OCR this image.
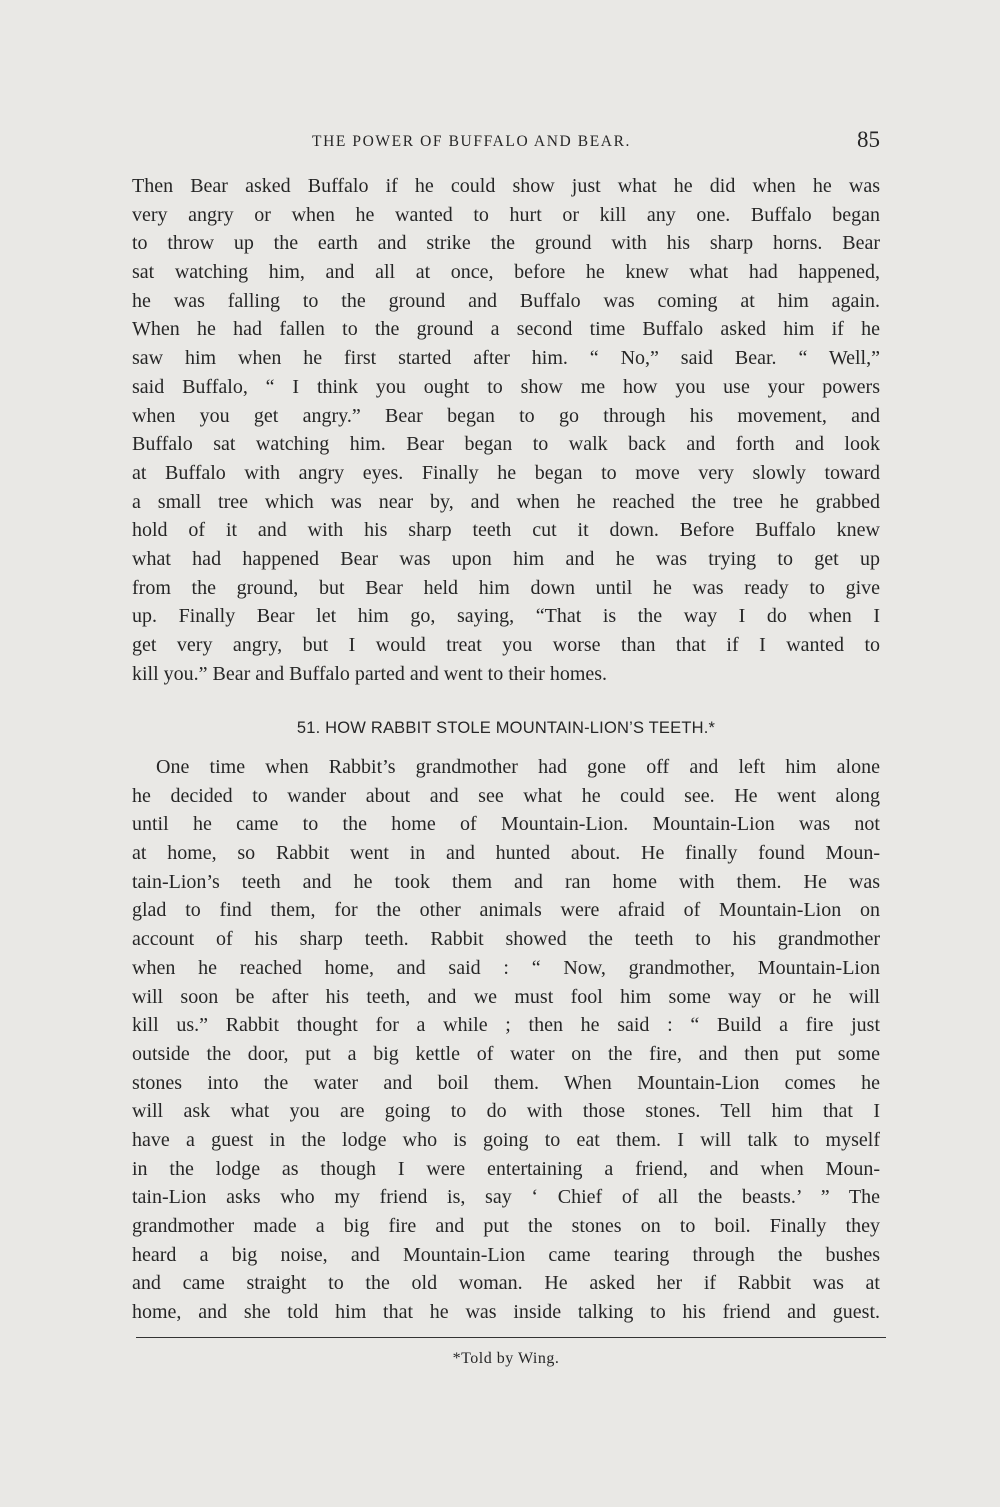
THE POWER OF BUFFALO AND BEAR.	85
Then Bear asked Buffalo if he could show just what he did when he was
very angry or when he wanted to hurt or kill any one. Buffalo began
to throw up the earth and strike the ground with his sharp horns. Bear
sat watching him, and all at once, before he knew what had happened,
he was falling to the ground and Buffalo was coming at him again.
When he had fallen to the ground a second time Buffalo asked him if he
saw him when he first started after him. “ No,” said Bear. “ Well,”
said Buffalo, “ I think you ought to show me how you use your powers
when you get angry.” Bear began to go through his movement, and
Buffalo sat watching him. Bear began to walk back and forth and look
at Buffalo with angry eyes. Finally he began to move very slowly toward
a small tree which was near by, and when he reached the tree he grabbed
hold of it and with his sharp teeth cut it down. Before Buffalo knew
what had happened Bear was upon him and he was trying to get up
from the ground, but Bear held him down until he was ready to give
up. Finally Bear let him go, saying, “That is the way I do when I
get very angry, but I would treat you worse than that if I wanted to
kill you.” Bear and Buffalo parted and went to their homes.
51. HOW RABBIT STOLE MOUNTAIN-LION’S TEETH.*
One time when Rabbit’s grandmother had gone off and left him alone
he decided to wander about and see what he could see. He went along
until he came to the home of Mountain-Lion. Mountain-Lion was not
at home, so Rabbit went in and hunted about. He finally found Moun-
tain-Lion’s teeth and he took them and ran home with them. He was
glad to find them, for the other animals were afraid of Mountain-Lion on
account of his sharp teeth. Rabbit showed the teeth to his grandmother
when he reached home, and said : “ Now, grandmother, Mountain-Lion
will soon be after his teeth, and we must fool him some way or he will
kill us.” Rabbit thought for a while ; then he said : “ Build a fire just
outside the door, put a big kettle of water on the fire, and then put some
stones into the water and boil them. When Mountain-Lion comes he
will ask what you are going to do with those stones. Tell him that I
have a guest in the lodge who is going to eat them. I will talk to myself
in the lodge as though I were entertaining a friend, and when Moun-
tain-Lion asks who my friend is, say ‘ Chief of all the beasts.’ ” The
grandmother made a big fire and put the stones on to boil. Finally they
heard a big noise, and Mountain-Lion came tearing through the bushes
and came straight to the old woman. He asked her if Rabbit was at
home, and she told him that he was inside talking to his friend and guest.
*Told by Wing.
